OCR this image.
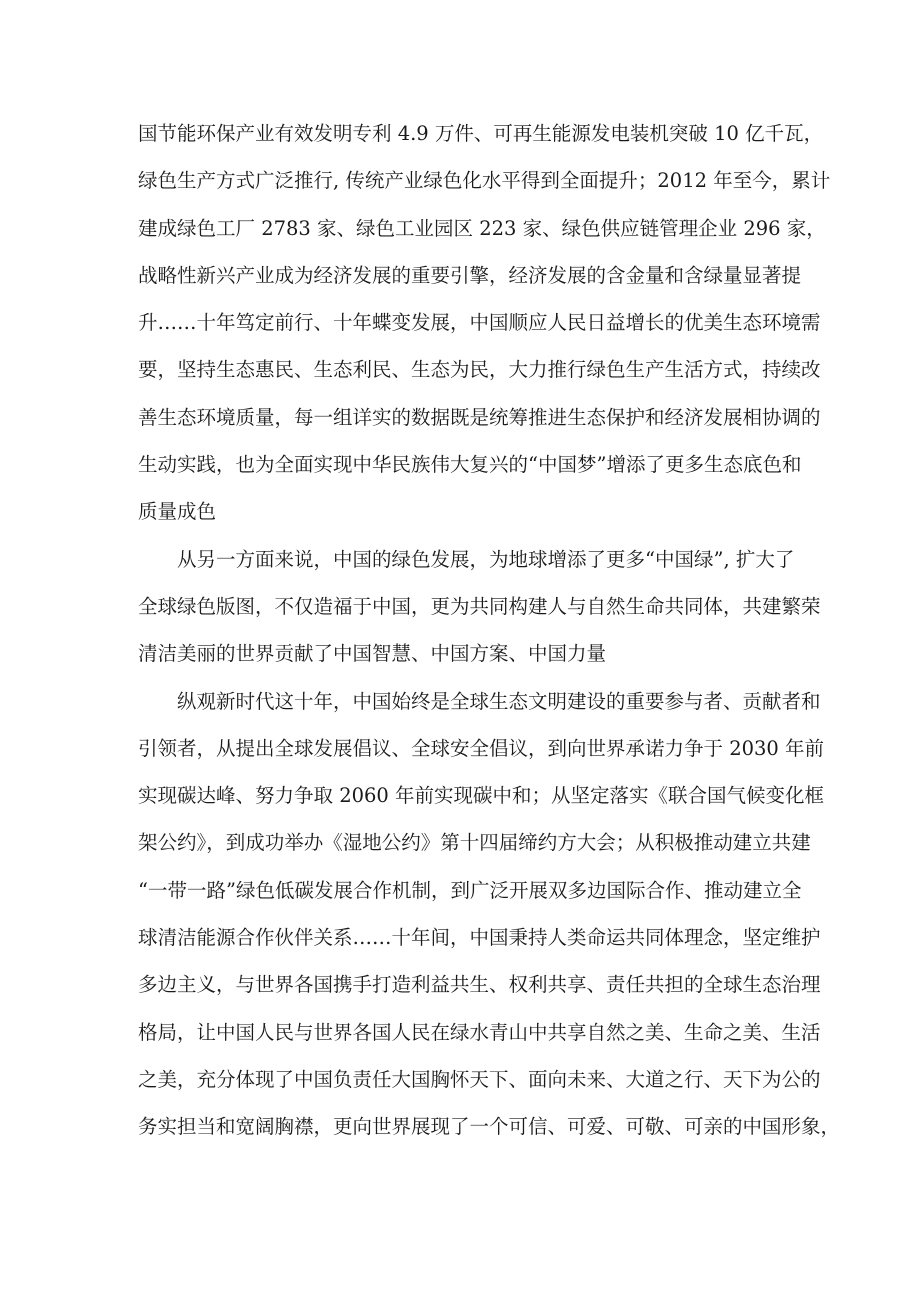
国节能环保产业有效发明专利 4.9 万件、可再生能源发电装机突破 10 亿千瓦，
绿色生产方式广泛推行, 传统产业绿色化水平得到全面提升；2012 年至今，累计
建成绿色工厂 2783 家、绿色工业园区 223 家、绿色供应链管理企业 296 家，
战略性新兴产业成为经济发展的重要引擎，经济发展的含金量和含绿量显著提
升……十年笃定前行、十年蝶变发展，中国顺应人民日益增长的优美生态环境需
要，坚持生态惠民、生态利民、生态为民，大力推行绿色生产生活方式，持续改
善生态环境质量，每一组详实的数据既是统筹推进生态保护和经济发展相协调的
生动实践，也为全面实现中华民族伟大复兴的“中国梦”增添了更多生态底色和
质量成色
从另一方面来说，中国的绿色发展，为地球增添了更多“中国绿”, 扩大了
全球绿色版图，不仅造福于中国，更为共同构建人与自然生命共同体，共建繁荣
清洁美丽的世界贡献了中国智慧、中国方案、中国力量
纵观新时代这十年，中国始终是全球生态文明建设的重要参与者、贡献者和
引领者，从提出全球发展倡议、全球安全倡议，到向世界承诺力争于 2030 年前
实现碳达峰、努力争取 2060 年前实现碳中和；从坚定落实《联合国气候变化框
架公约》，到成功举办《湿地公约》第十四届缔约方大会；从积极推动建立共建
“一带一路”绿色低碳发展合作机制，到广泛开展双多边国际合作、推动建立全
球清洁能源合作伙伴关系……十年间，中国秉持人类命运共同体理念，坚定维护
多边主义，与世界各国携手打造利益共生、权利共享、责任共担的全球生态治理
格局，让中国人民与世界各国人民在绿水青山中共享自然之美、生命之美、生活
之美，充分体现了中国负责任大国胸怀天下、面向未来、大道之行、天下为公的
务实担当和宽阔胸襟，更向世界展现了一个可信、可爱、可敬、可亲的中国形象，
